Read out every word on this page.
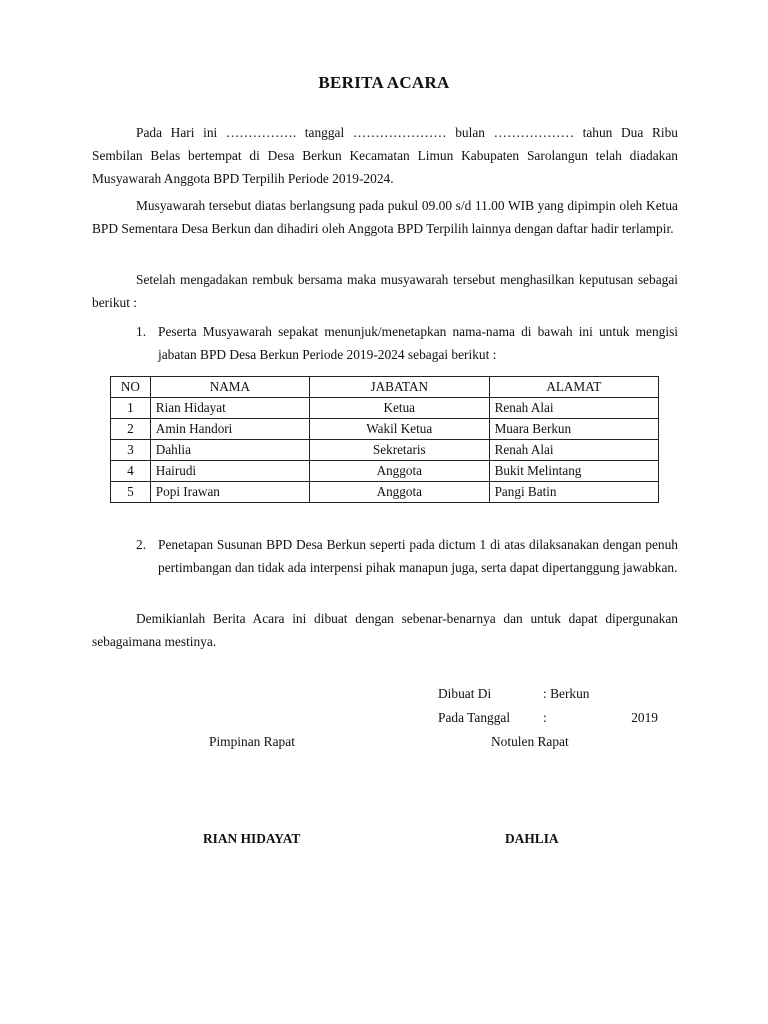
BERITA ACARA
Pada Hari ini ……………. tanggal ………………… bulan ……………… tahun Dua Ribu Sembilan Belas bertempat di Desa Berkun Kecamatan Limun Kabupaten Sarolangun telah diadakan Musyawarah Anggota BPD Terpilih Periode 2019-2024.
Musyawarah tersebut diatas berlangsung pada pukul 09.00 s/d 11.00 WIB yang dipimpin oleh Ketua BPD Sementara Desa Berkun dan dihadiri oleh Anggota BPD Terpilih lainnya dengan daftar hadir terlampir.
Setelah mengadakan rembuk bersama maka musyawarah tersebut menghasilkan keputusan sebagai berikut :
1. Peserta Musyawarah sepakat menunjuk/menetapkan nama-nama di bawah ini untuk mengisi jabatan BPD Desa Berkun Periode 2019-2024 sebagai berikut :
NO	NAMA	JABATAN	ALAMAT
1	Rian Hidayat	Ketua	Renah Alai
2	Amin Handori	Wakil Ketua	Muara Berkun
3	Dahlia	Sekretaris	Renah Alai
4	Hairudi	Anggota	Bukit Melintang
5	Popi Irawan	Anggota	Pangi Batin
2. Penetapan Susunan BPD Desa Berkun seperti pada dictum 1 di atas dilaksanakan dengan penuh pertimbangan dan tidak ada interpensi pihak manapun juga, serta dapat dipertanggung jawabkan.
Demikianlah Berita Acara ini dibuat dengan sebenar-benarnya dan untuk dapat dipergunakan sebagaimana mestinya.
Dibuat Di	: Berkun
Pada Tanggal :
	2019
Pimpinan Rapat	Notulen Rapat
RIAN HIDAYAT	DAHLIA
